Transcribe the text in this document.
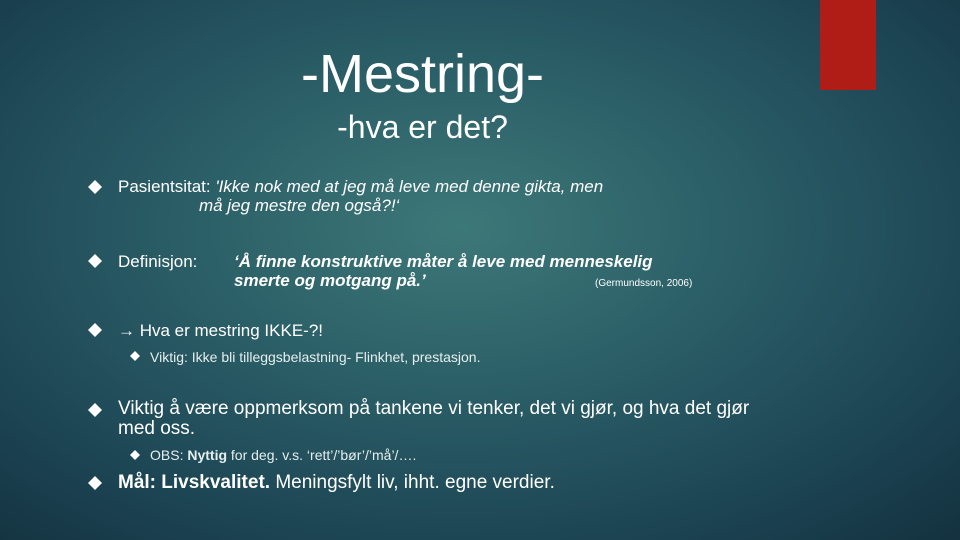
-Mestring-
-hva er det?
Pasientsitat: 'Ikke nok med at jeg må leve med denne gikta, men
må jeg mestre den også?!‘
Definisjon: ‘Å finne konstruktive måter å leve med menneskelig
smerte og motgang på.’	(Germundsson, 2006)
→ Hva er mestring IKKE-?!
Viktig: Ikke bli tilleggsbelastning- Flinkhet, prestasjon.
Viktig å være oppmerksom på tankene vi tenker, det vi gjør, og hva det gjør
med oss.
OBS: Nyttig for deg. v.s. ‘rett’/’bør’/’må’/….
Mål: Livskvalitet. Meningsfylt liv, ihht. egne verdier.
